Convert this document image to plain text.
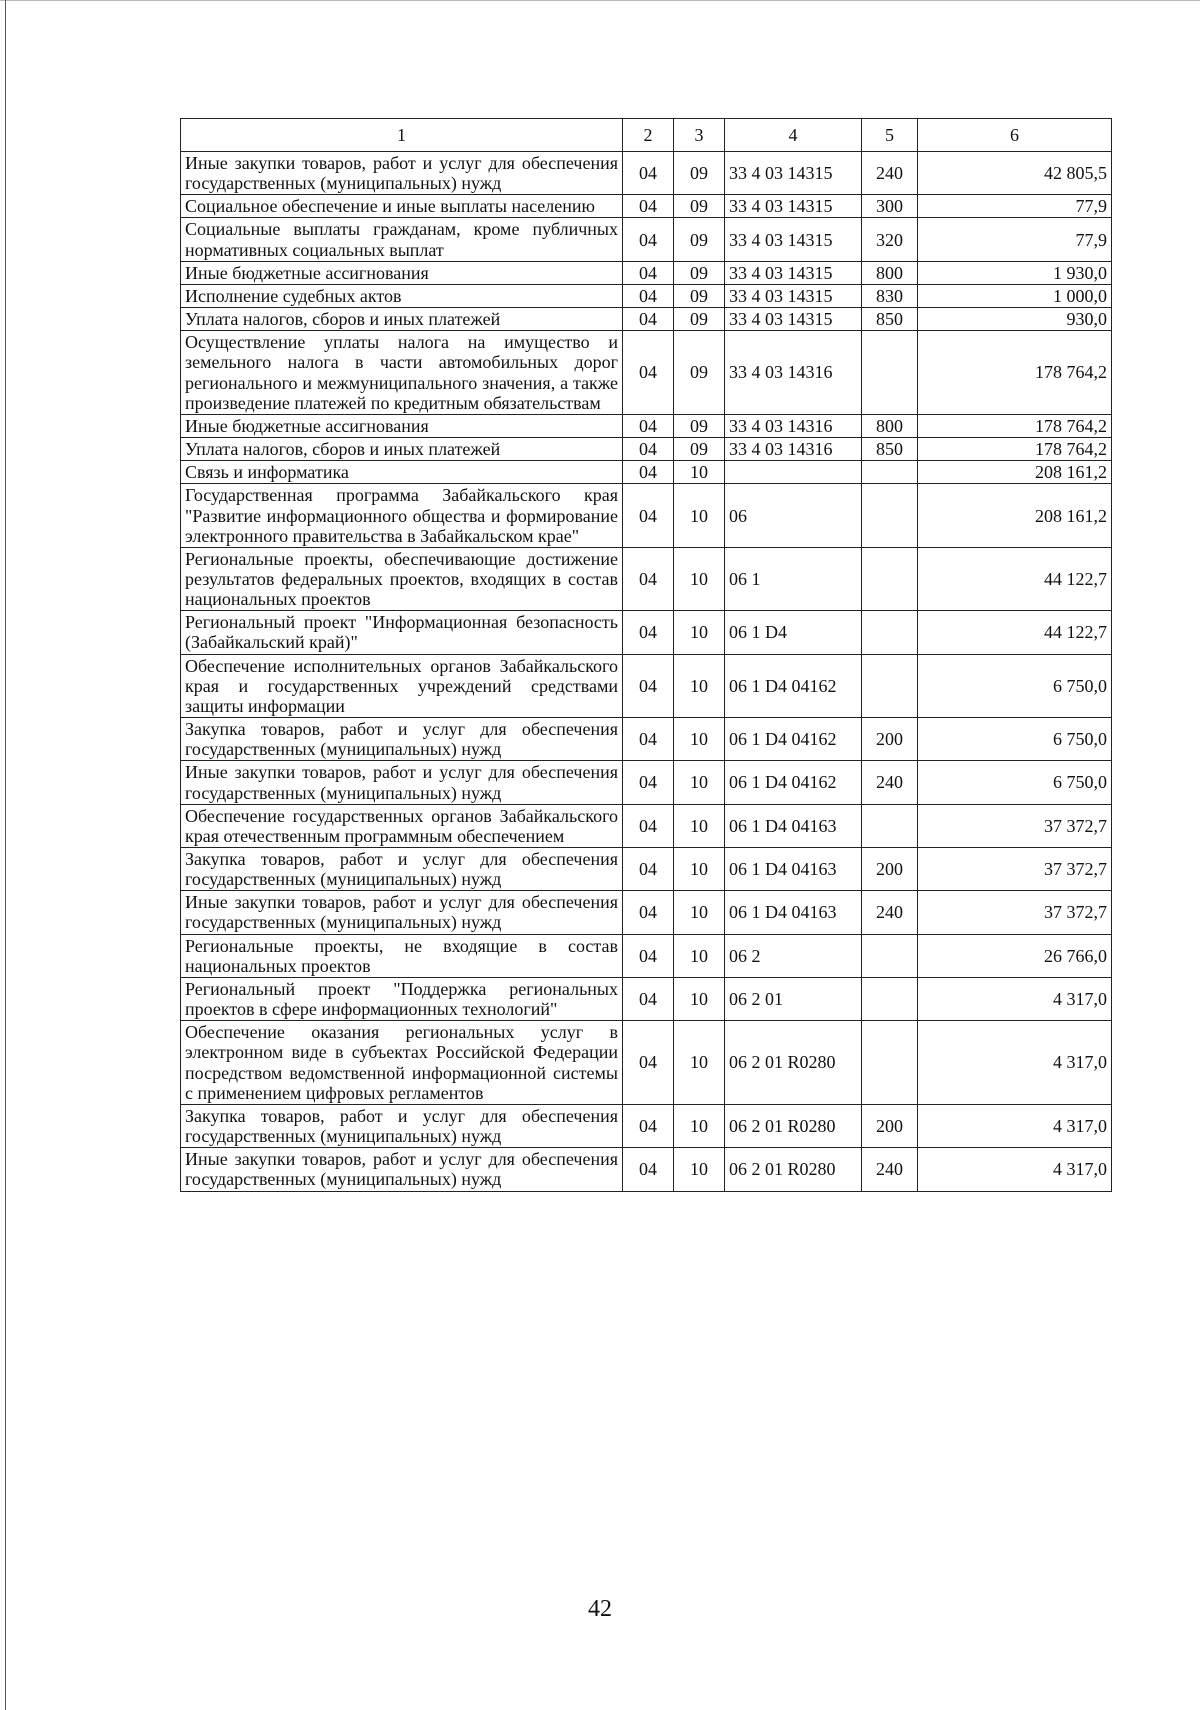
1	2	3	4	5	6
Иные закупки товаров, работ и услуг для обеспечения государственных (муниципальных) нужд	04	09	33 4 03 14315	240	42 805,5
Социальное обеспечение и иные выплаты населению	04	09	33 4 03 14315	300	77,9
Социальные выплаты гражданам, кроме публичных нормативных социальных выплат	04	09	33 4 03 14315	320	77,9
Иные бюджетные ассигнования	04	09	33 4 03 14315	800	1 930,0
Исполнение судебных актов	04	09	33 4 03 14315	830	1 000,0
Уплата налогов, сборов и иных платежей	04	09	33 4 03 14315	850	930,0
Осуществление уплаты налога на имущество и земельного налога в части автомобильных дорог регионального и межмуниципального значения, а также произведение платежей по кредитным обязательствам	04	09	33 4 03 14316		178 764,2
Иные бюджетные ассигнования	04	09	33 4 03 14316	800	178 764,2
Уплата налогов, сборов и иных платежей	04	09	33 4 03 14316	850	178 764,2
Связь и информатика	04	10			208 161,2
Государственная программа Забайкальского края "Развитие информационного общества и формирование электронного правительства в Забайкальском крае"	04	10	06		208 161,2
Региональные проекты, обеспечивающие достижение результатов федеральных проектов, входящих в состав национальных проектов	04	10	06 1		44 122,7
Региональный проект "Информационная безопасность (Забайкальский край)"	04	10	06 1 D4		44 122,7
Обеспечение исполнительных органов Забайкальского края и государственных учреждений средствами защиты информации	04	10	06 1 D4 04162		6 750,0
Закупка товаров, работ и услуг для обеспечения государственных (муниципальных) нужд	04	10	06 1 D4 04162	200	6 750,0
Иные закупки товаров, работ и услуг для обеспечения государственных (муниципальных) нужд	04	10	06 1 D4 04162	240	6 750,0
Обеспечение государственных органов Забайкальского края отечественным программным обеспечением	04	10	06 1 D4 04163		37 372,7
Закупка товаров, работ и услуг для обеспечения государственных (муниципальных) нужд	04	10	06 1 D4 04163	200	37 372,7
Иные закупки товаров, работ и услуг для обеспечения государственных (муниципальных) нужд	04	10	06 1 D4 04163	240	37 372,7
Региональные проекты, не входящие в состав национальных проектов	04	10	06 2		26 766,0
Региональный проект "Поддержка региональных проектов в сфере информационных технологий"	04	10	06 2 01		4 317,0
Обеспечение оказания региональных услуг в электронном виде в субъектах Российской Федерации посредством ведомственной информационной системы с применением цифровых регламентов	04	10	06 2 01 R0280		4 317,0
Закупка товаров, работ и услуг для обеспечения государственных (муниципальных) нужд	04	10	06 2 01 R0280	200	4 317,0
Иные закупки товаров, работ и услуг для обеспечения государственных (муниципальных) нужд	04	10	06 2 01 R0280	240	4 317,0
42
